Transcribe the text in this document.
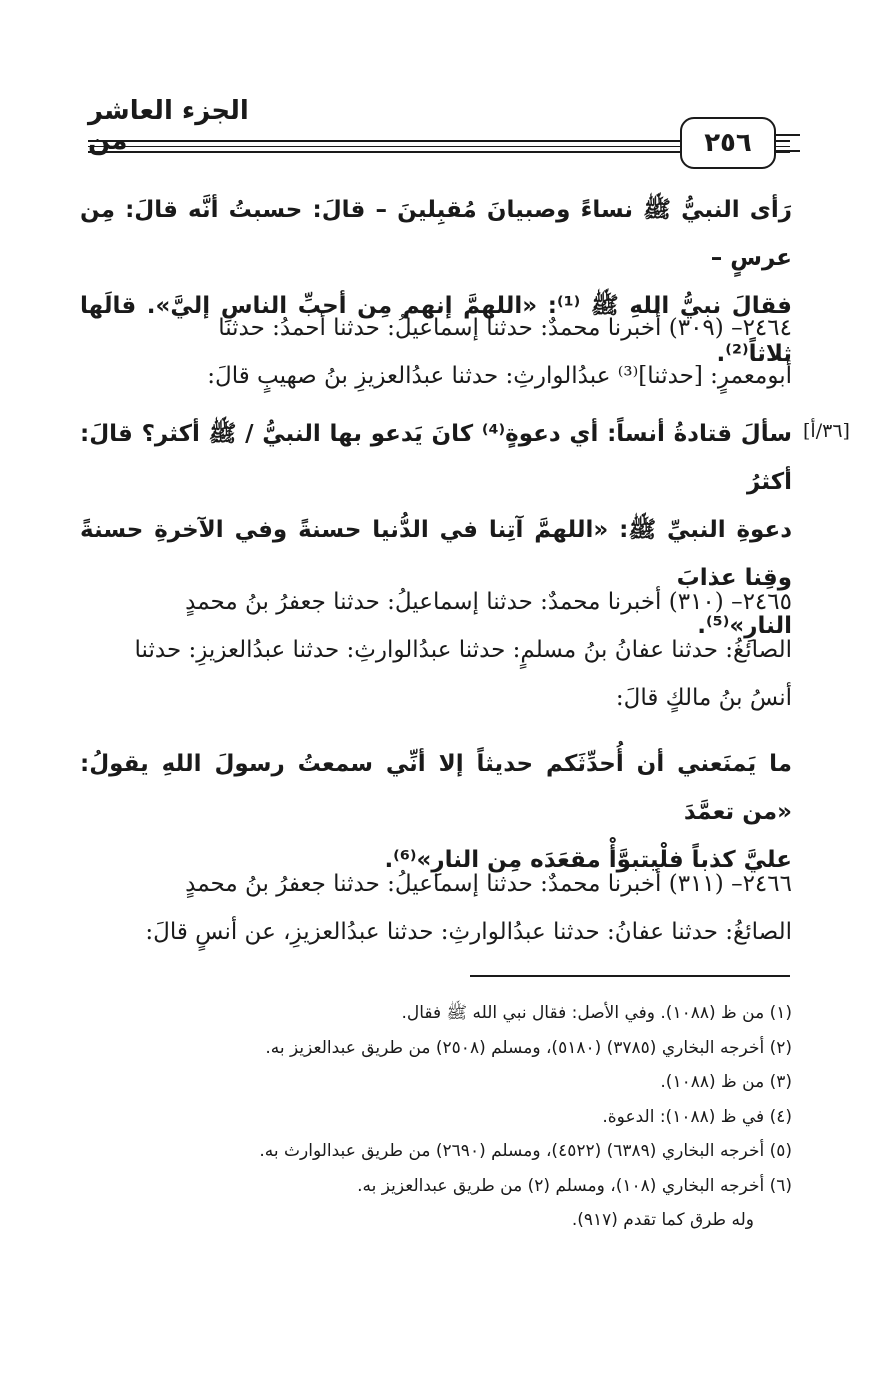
الجزء العاشر من	٢٥٦
[٣٦/أ]
رَأى النبيُّ ﷺ نساءً وصبيانَ مُقبِلينَ – قالَ: حسبتُ أنَّه قالَ: مِن عرسٍ –
فقالَ نبيُّ اللهِ ﷺ ⁽¹⁾: «اللهمَّ إنهم مِن أحبِّ الناسِ إليَّ». قالَها ثلاثاً⁽²⁾.
٢٤٦٤– (٣٠٩) أخبرنا محمدٌ: حدثنا إسماعيلُ: حدثنا أحمدُ: حدثنا
أبومعمرٍ: [حدثنا]⁽³⁾ عبدُالوارثِ: حدثنا عبدُالعزيزِ بنُ صهيبٍ قالَ:
سألَ قتادةُ أنساً: أي دعوةٍ⁽⁴⁾ كانَ يَدعو بها النبيُّ / ﷺ أكثر؟ قالَ: أكثرُ
دعوةِ النبيِّ ﷺ: «اللهمَّ آتِنا في الدُّنيا حسنةً وفي الآخرةِ حسنةً وقِنا عذابَ
النارِ»⁽⁵⁾.
٢٤٦٥– (٣١٠) أخبرنا محمدٌ: حدثنا إسماعيلُ: حدثنا جعفرُ بنُ محمدٍ
الصائغُ: حدثنا عفانُ بنُ مسلمٍ: حدثنا عبدُالوارثِ: حدثنا عبدُالعزيزِ: حدثنا
أنسُ بنُ مالكٍ قالَ:
ما يَمنَعني أن أُحدِّثَكم حديثاً إلا أنِّي سمعتُ رسولَ اللهِ يقولُ: «من تعمَّدَ
عليَّ كذباً فلْيتبوَّأْ مقعَدَه مِن النارِ»⁽⁶⁾.
٢٤٦٦– (٣١١) أخبرنا محمدٌ: حدثنا إسماعيلُ: حدثنا جعفرُ بنُ محمدٍ
الصائغُ: حدثنا عفانُ: حدثنا عبدُالوارثِ: حدثنا عبدُالعزيزِ، عن أنسٍ قالَ:
(١) من ظ (١٠٨٨). وفي الأصل: فقال نبي الله ﷺ فقال.
(٢) أخرجه البخاري (٣٧٨٥) (٥١٨٠)، ومسلم (٢٥٠٨) من طريق عبدالعزيز به.
(٣) من ظ (١٠٨٨).
(٤) في ظ (١٠٨٨): الدعوة.
(٥) أخرجه البخاري (٦٣٨٩) (٤٥٢٢)، ومسلم (٢٦٩٠) من طريق عبدالوارث به.
(٦) أخرجه البخاري (١٠٨)، ومسلم (٢) من طريق عبدالعزيز به.
وله طرق كما تقدم (٩١٧).
